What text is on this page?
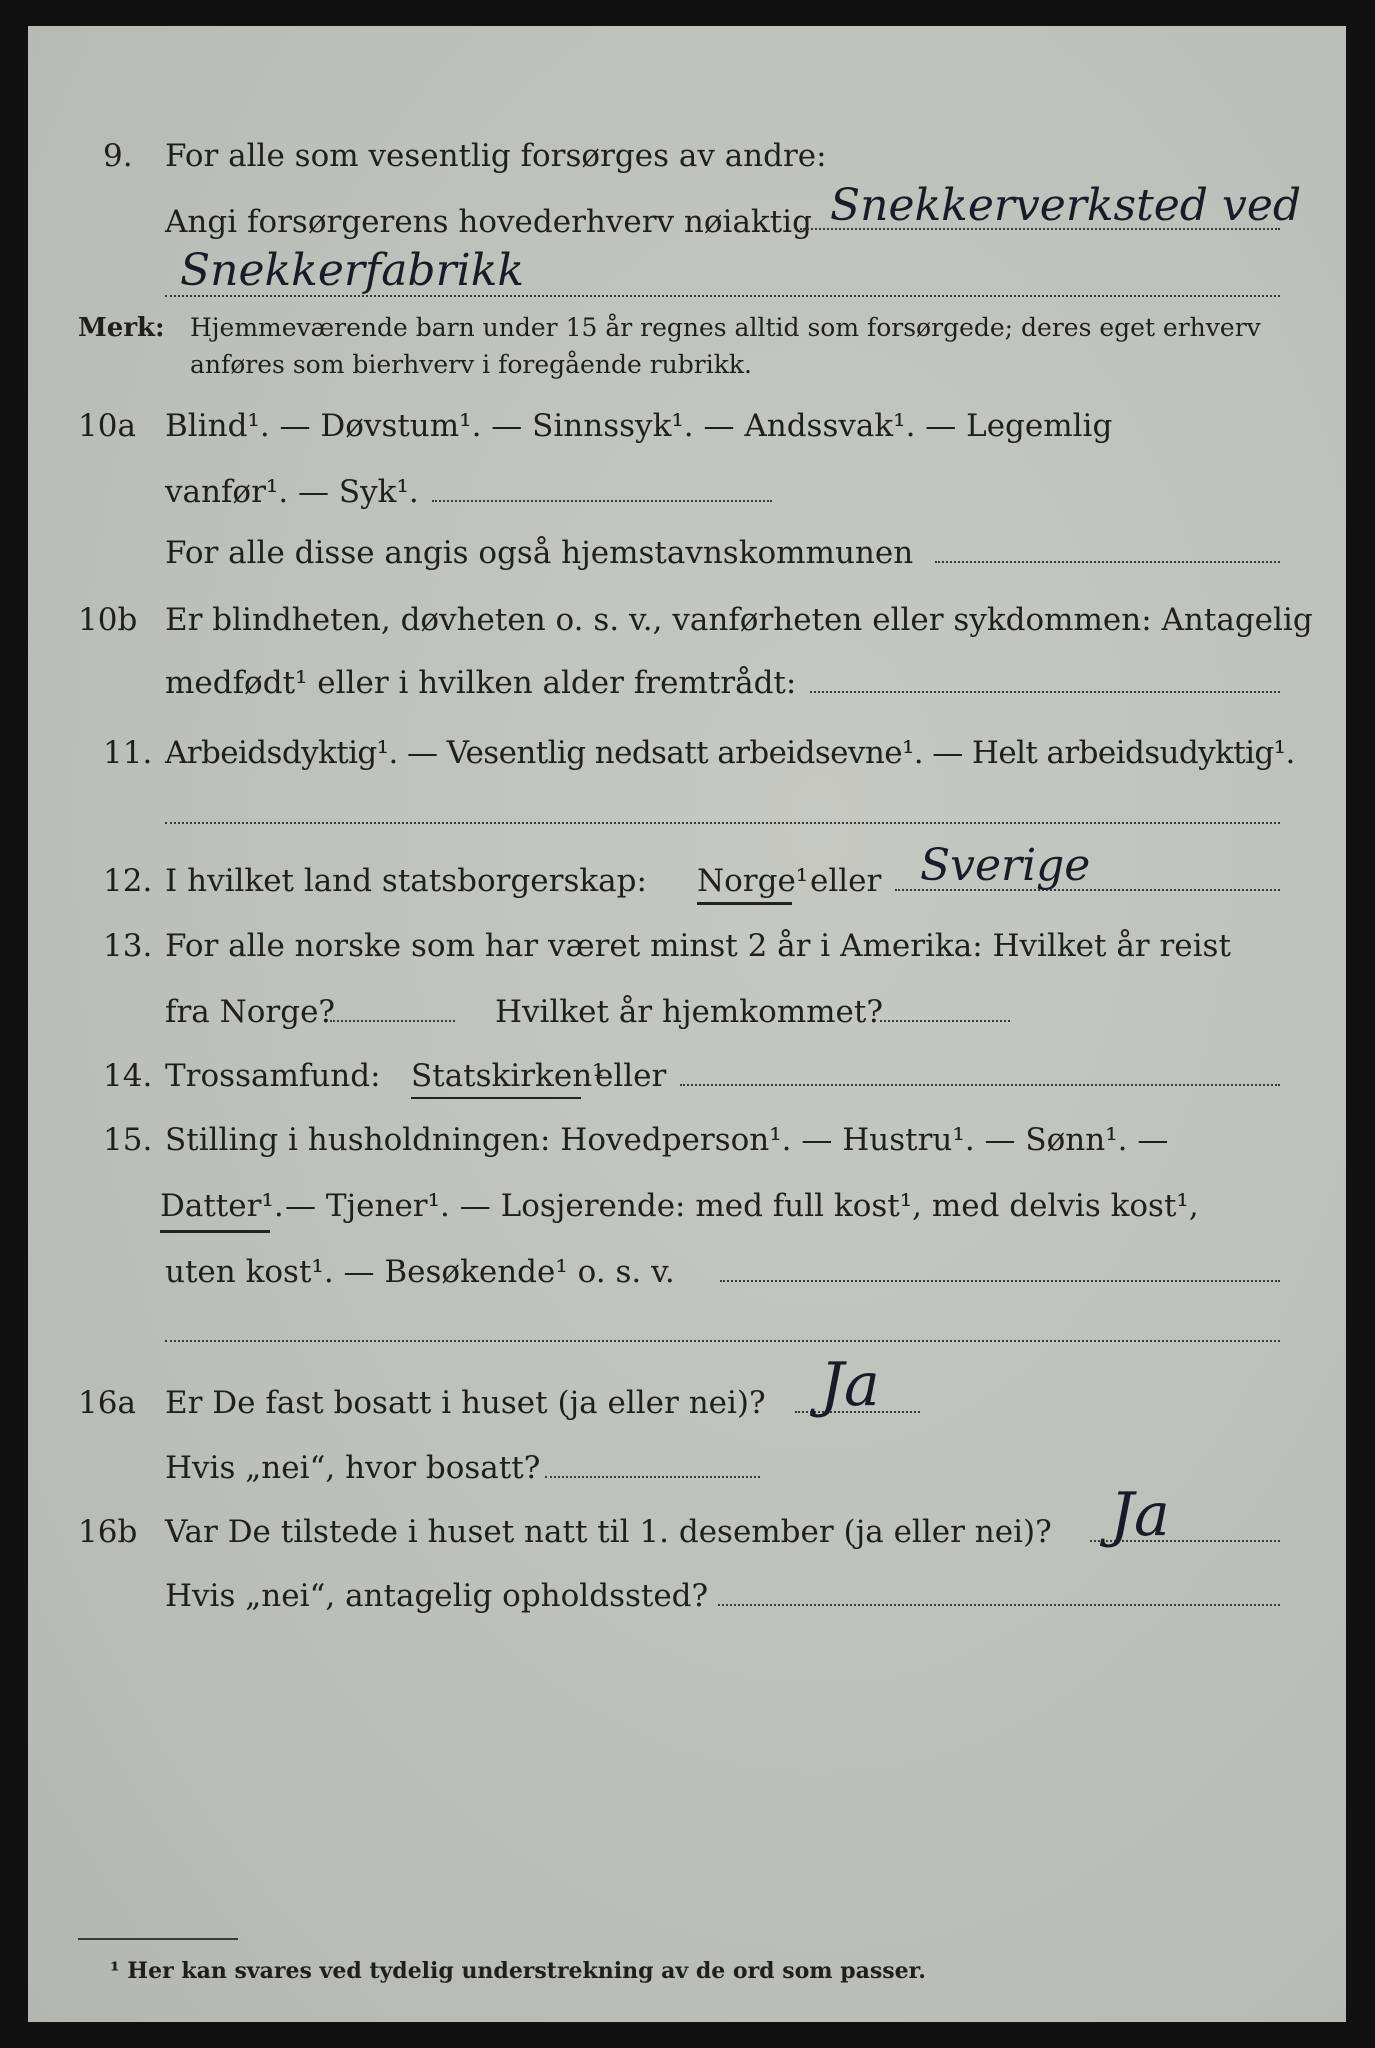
9. For alle som vesentlig forsørges av andre:
Angi forsørgerens hovederhverv nøiaktig Snekkerverksted ved
Snekkerfabrikk
Merk: Hjemmeværende barn under 15 år regnes alltid som forsørgede; deres eget erhverv
anføres som bierhverv i foregående rubrikk.
10a Blind¹. — Døvstum¹. — Sinnssyk¹. — Andssvak¹. — Legemlig
vanfør¹. — Syk¹.
For alle disse angis også hjemstavnskommunen
10b Er blindheten, døvheten o. s. v., vanførheten eller sykdommen: Antagelig
medfødt¹ eller i hvilken alder fremtrådt:
11. Arbeidsdyktig¹. — Vesentlig nedsatt arbeidsevne¹. — Helt arbeidsudyktig¹.
12. I hvilket land statsborgerskap: Norge¹ eller Sverige
13. For alle norske som har været minst 2 år i Amerika: Hvilket år reist
fra Norge?	Hvilket år hjemkommet?
14. Trossamfund: Statskirken¹
eller
15. Stilling i husholdningen: Hovedperson¹. — Hustru¹. — Sønn¹. —
Datter¹. — Tjener¹. — Losjerende: med full kost¹, med delvis kost¹,
uten kost¹. — Besøkende¹ o. s. v.
16a Er De fast bosatt i huset (ja eller nei)? Ja
Hvis „nei“, hvor bosatt?
16b Var De tilstede i huset natt til 1. desember (ja eller nei)? Ja
Hvis „nei“, antagelig opholdssted?
¹ Her kan svares ved tydelig understrekning av de ord som passer.
